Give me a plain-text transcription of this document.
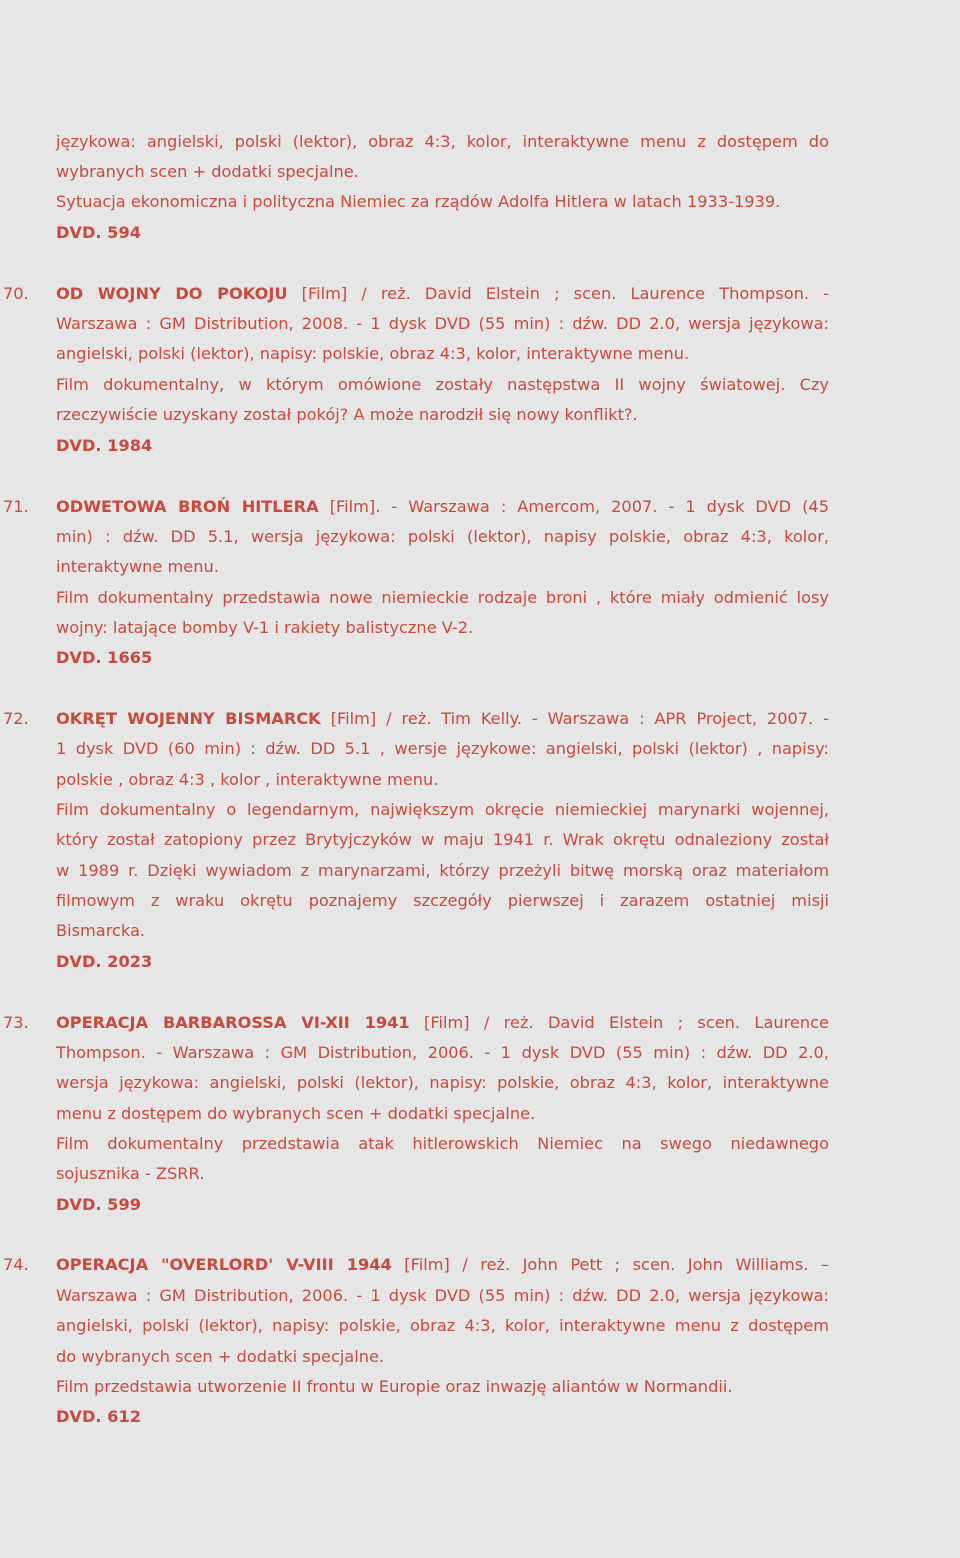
językowa: angielski, polski (lektor), obraz 4:3, kolor, interaktywne menu z dostępem do
wybranych scen + dodatki specjalne.
Sytuacja ekonomiczna i polityczna Niemiec za rządów Adolfa Hitlera w latach 1933-1939.
DVD. 594
70. OD WOJNY DO POKOJU [Film] / reż. David Elstein ; scen. Laurence Thompson. -
Warszawa : GM Distribution, 2008. - 1 dysk DVD (55 min) : dźw. DD 2.0, wersja językowa:
angielski, polski (lektor), napisy: polskie, obraz 4:3, kolor, interaktywne menu.
Film dokumentalny, w którym omówione zostały następstwa II wojny światowej. Czy
rzeczywiście uzyskany został pokój? A może narodził się nowy konflikt?.
DVD. 1984
71. ODWETOWA BROŃ HITLERA [Film]. - Warszawa : Amercom, 2007. - 1 dysk DVD (45
min) : dźw. DD 5.1, wersja językowa: polski (lektor), napisy polskie, obraz 4:3, kolor,
interaktywne menu.
Film dokumentalny przedstawia nowe niemieckie rodzaje broni , które miały odmienić losy
wojny: latające bomby V-1 i rakiety balistyczne V-2.
DVD. 1665
72. OKRĘT WOJENNY BISMARCK [Film] / reż. Tim Kelly. - Warszawa : APR Project, 2007. -
1 dysk DVD (60 min) : dźw. DD 5.1 , wersje językowe: angielski, polski (lektor) , napisy:
polskie , obraz 4:3 , kolor , interaktywne menu.
Film dokumentalny o legendarnym, największym okręcie niemieckiej marynarki wojennej,
który został zatopiony przez Brytyjczyków w maju 1941 r. Wrak okrętu odnaleziony został
w 1989 r. Dzięki wywiadom z marynarzami, którzy przeżyli bitwę morską oraz materiałom
filmowym z wraku okrętu poznajemy szczegóły pierwszej i zarazem ostatniej misji
Bismarcka.
DVD. 2023
73. OPERACJA BARBAROSSA VI-XII 1941 [Film] / reż. David Elstein ; scen. Laurence
Thompson. - Warszawa : GM Distribution, 2006. - 1 dysk DVD (55 min) : dźw. DD 2.0,
wersja językowa: angielski, polski (lektor), napisy: polskie, obraz 4:3, kolor, interaktywne
menu z dostępem do wybranych scen + dodatki specjalne.
Film dokumentalny przedstawia atak hitlerowskich Niemiec na swego niedawnego
sojusznika - ZSRR.
DVD. 599
74. OPERACJA "OVERLORD' V-VIII 1944 [Film] / reż. John Pett ; scen. John Williams. –
Warszawa : GM Distribution, 2006. - 1 dysk DVD (55 min) : dźw. DD 2.0, wersja językowa:
angielski, polski (lektor), napisy: polskie, obraz 4:3, kolor, interaktywne menu z dostępem
do wybranych scen + dodatki specjalne.
Film przedstawia utworzenie II frontu w Europie oraz inwazję aliantów w Normandii.
DVD. 612
